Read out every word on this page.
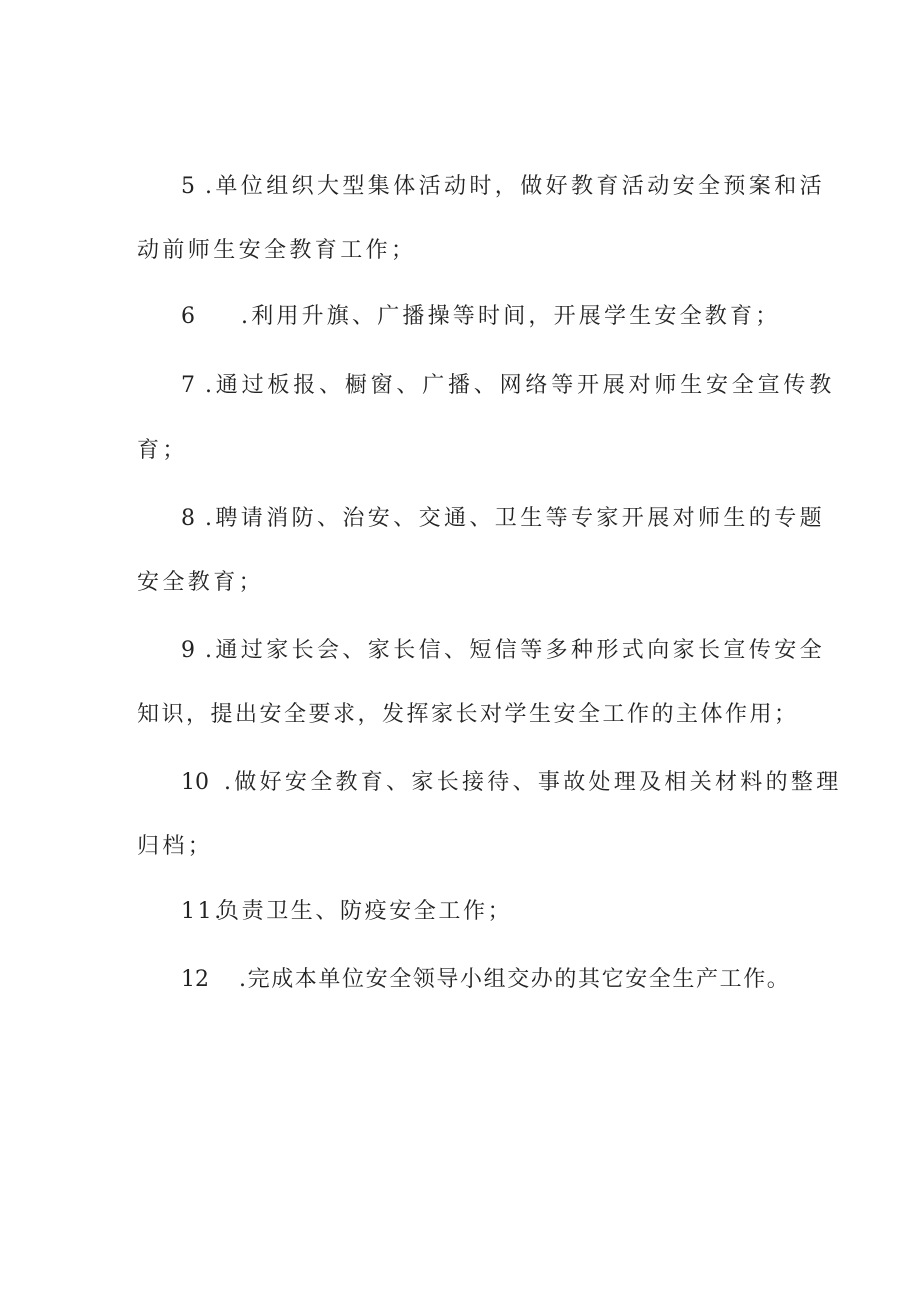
5 .单位组织大型集体活动时，做好教育活动安全预案和活
动前师生安全教育工作；
6 .利用升旗、广播操等时间，开展学生安全教育；
7 .通过板报、橱窗、广播、网络等开展对师生安全宣传教
育；
8 .聘请消防、治安、交通、卫生等专家开展对师生的专题
安全教育；
9 .通过家长会、家长信、短信等多种形式向家长宣传安全
知识，提出安全要求，发挥家长对学生安全工作的主体作用；
10 .做好安全教育、家长接待、事故处理及相关材料的整理
归档；
11.
负责卫生、防疫安全工作；
12 .完成本单位安全领导小组交办的其它安全生产工作。
